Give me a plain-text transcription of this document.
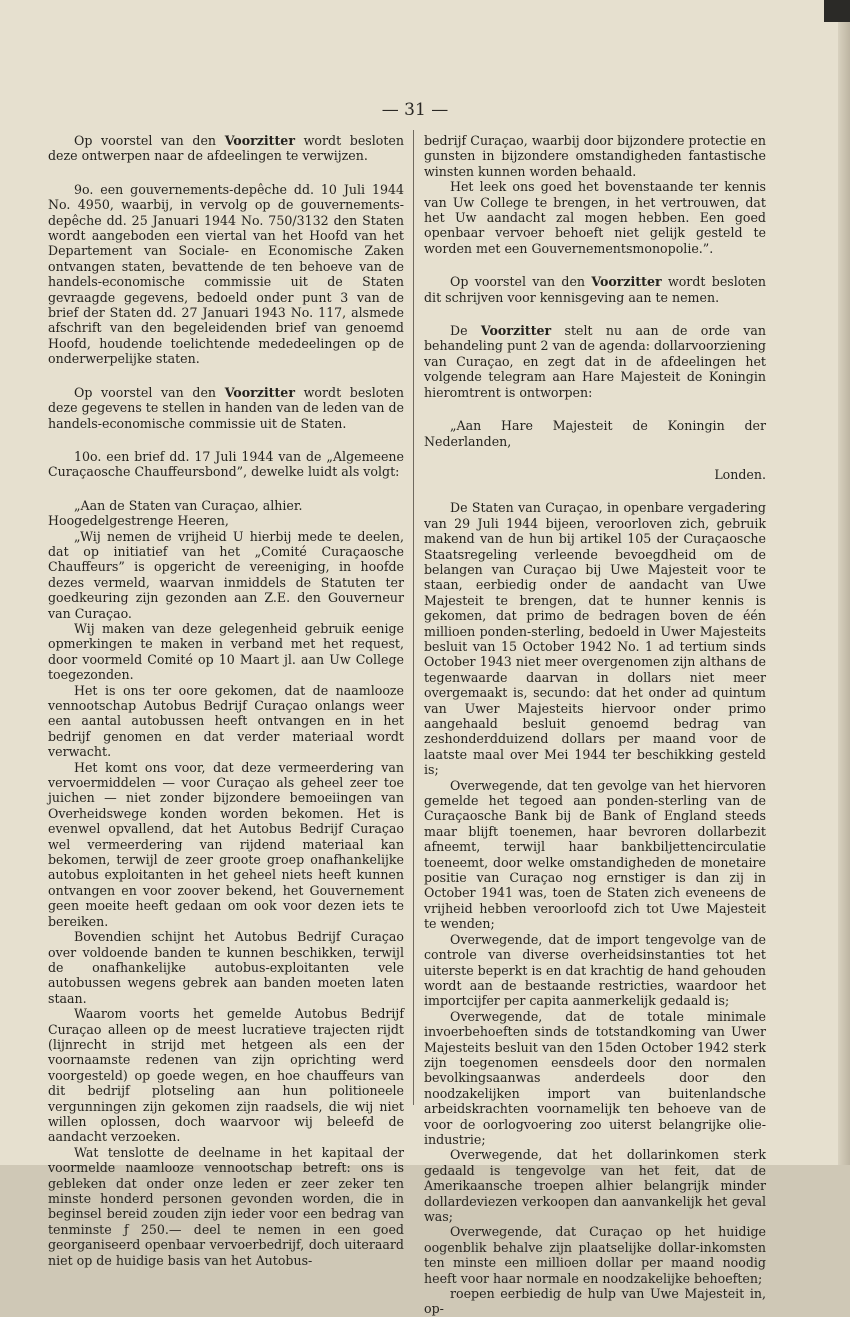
— 31 —

Op voorstel van den Voorzitter wordt besloten deze ontwerpen naar de afdeelingen te verwijzen.

9o. een gouvernements-depêche dd. 10 Juli 1944 No. 4950, waarbij, in vervolg op de gouvernements-depêche dd. 25 Januari 1944 No. 750/3132 den Staten wordt aangeboden een viertal van het Hoofd van het Departement van Sociale- en Economische Zaken ontvangen staten, bevattende de ten behoeve van de handels-economische commissie uit de Staten gevraagde gegevens, bedoeld onder punt 3 van de brief der Staten dd. 27 Januari 1943 No. 117, alsmede afschrift van den begeleidenden brief van genoemd Hoofd, houdende toelichtende mededeelingen op de onderwerpelijke staten.

Op voorstel van den Voorzitter wordt besloten deze gegevens te stellen in handen van de leden van de handels-economische commissie uit de Staten.

10o. een brief dd. 17 Juli 1944 van de „Algemeene Curaçaosche Chauffeursbond”, dewelke luidt als volgt:

„Aan de Staten van Curaçao, alhier.

Hoogedelgestrenge Heeren,

„Wij nemen de vrijheid U hierbij mede te deelen, dat op initiatief van het „Comité Curaçaosche Chauffeurs” is opgericht de vereeniging, in hoofde dezes vermeld, waarvan inmiddels de Statuten ter goedkeuring zijn gezonden aan Z.E. den Gouverneur van Curaçao.

Wij maken van deze gelegenheid gebruik eenige opmerkingen te maken in verband met het request, door voormeld Comité op 10 Maart jl. aan Uw College toegezonden.

Het is ons ter oore gekomen, dat de naamlooze vennootschap Autobus Bedrijf Curaçao onlangs weer een aantal autobussen heeft ontvangen en in het bedrijf genomen en dat verder materiaal wordt verwacht.

Het komt ons voor, dat deze vermeerdering van vervoermiddelen — voor Curaçao als geheel zeer toe juichen — niet zonder bijzondere bemoeiingen van Overheidswege konden worden bekomen. Het is evenwel opvallend, dat het Autobus Bedrijf Curaçao wel vermeerdering van rijdend materiaal kan bekomen, terwijl de zeer groote groep onafhankelijke autobus exploitanten in het geheel niets heeft kunnen ontvangen en voor zoover bekend, het Gouvernement geen moeite heeft gedaan om ook voor dezen iets te bereiken.

Bovendien schijnt het Autobus Bedrijf Curaçao over voldoende banden te kunnen beschikken, terwijl de onafhankelijke autobus-exploitanten vele autobussen wegens gebrek aan banden moeten laten staan.

Waarom voorts het gemelde Autobus Bedrijf Curaçao alleen op de meest lucratieve trajecten rijdt (lijnrecht in strijd met hetgeen als een der voornaamste redenen van zijn oprichting werd voorgesteld) op goede wegen, en hoe chauffeurs van dit bedrijf plotseling aan hun politioneele vergunningen zijn gekomen zijn raadsels, die wij niet willen oplossen, doch waarvoor wij beleefd de aandacht verzoeken.

Wat tenslotte de deelname in het kapitaal der voormelde naamlooze vennootschap betreft: ons is gebleken dat onder onze leden er zeer zeker ten minste honderd personen gevonden worden, die in beginsel bereid zouden zijn ieder voor een bedrag van tenminste ƒ 250.— deel te nemen in een goed georganiseerd openbaar vervoerbedrijf, doch uiteraard niet op de huidige basis van het Autobus-

bedrijf Curaçao, waarbij door bijzondere protectie en gunsten in bijzondere omstandigheden fantastische winsten kunnen worden behaald.

Het leek ons goed het bovenstaande ter kennis van Uw College te brengen, in het vertrouwen, dat het Uw aandacht zal mogen hebben. Een goed openbaar vervoer behoeft niet gelijk gesteld te worden met een Gouvernementsmonopolie.”.

Op voorstel van den Voorzitter wordt besloten dit schrijven voor kennisgeving aan te nemen.

De Voorzitter stelt nu aan de orde van behandeling punt 2 van de agenda: dollarvoorziening van Curaçao, en zegt dat in de afdeelingen het volgende telegram aan Hare Majesteit de Koningin hieromtrent is ontworpen:

„Aan Hare Majesteit de Koningin der Nederlanden,

Londen.

De Staten van Curaçao, in openbare vergadering van 29 Juli 1944 bijeen, veroorloven zich, gebruik makend van de hun bij artikel 105 der Curaçaosche Staatsregeling verleende bevoegdheid om de belangen van Curaçao bij Uwe Majesteit voor te staan, eerbiedig onder de aandacht van Uwe Majesteit te brengen, dat te hunner kennis is gekomen, dat primo de bedragen boven de één millioen ponden-sterling, bedoeld in Uwer Majesteits besluit van 15 October 1942 No. 1 ad tertium sinds October 1943 niet meer overgenomen zijn althans de tegenwaarde daarvan in dollars niet meer overgemaakt is, secundo: dat het onder ad quintum van Uwer Majesteits hiervoor onder primo aangehaald besluit genoemd bedrag van zeshonderdduizend dollars per maand voor de laatste maal over Mei 1944 ter beschikking gesteld is;

Overwegende, dat ten gevolge van het hiervoren gemelde het tegoed aan ponden-sterling van de Curaçaosche Bank bij de Bank of England steeds maar blijft toenemen, haar bevroren dollarbezit afneemt, terwijl haar bankbiljettencirculatie toeneemt, door welke omstandigheden de monetaire positie van Curaçao nog ernstiger is dan zij in October 1941 was, toen de Staten zich eveneens de vrijheid hebben veroorloofd zich tot Uwe Majesteit te wenden;

Overwegende, dat de import tengevolge van de controle van diverse overheidsinstanties tot het uiterste beperkt is en dat krachtig de hand gehouden wordt aan de bestaande restricties, waardoor het importcijfer per capita aanmerkelijk gedaald is;

Overwegende, dat de totale minimale invoerbehoeften sinds de totstandkoming van Uwer Majesteits besluit van den 15den October 1942 sterk zijn toegenomen eensdeels door den normalen bevolkingsaanwas anderdeels door den noodzakelijken import van buitenlandsche arbeidskrachten voornamelijk ten behoeve van de voor de oorlogvoering zoo uiterst belangrijke olie-industrie;

Overwegende, dat het dollarinkomen sterk gedaald is tengevolge van het feit, dat de Amerikaansche troepen alhier belangrijk minder dollardeviezen verkoopen dan aanvankelijk het geval was;

Overwegende, dat Curaçao op het huidige oogenblik behalve zijn plaatselijke dollar-inkomsten ten minste een millioen dollar per maand noodig heeft voor haar normale en noodzakelijke behoeften;

roepen eerbiedig de hulp van Uwe Majesteit in, op-
